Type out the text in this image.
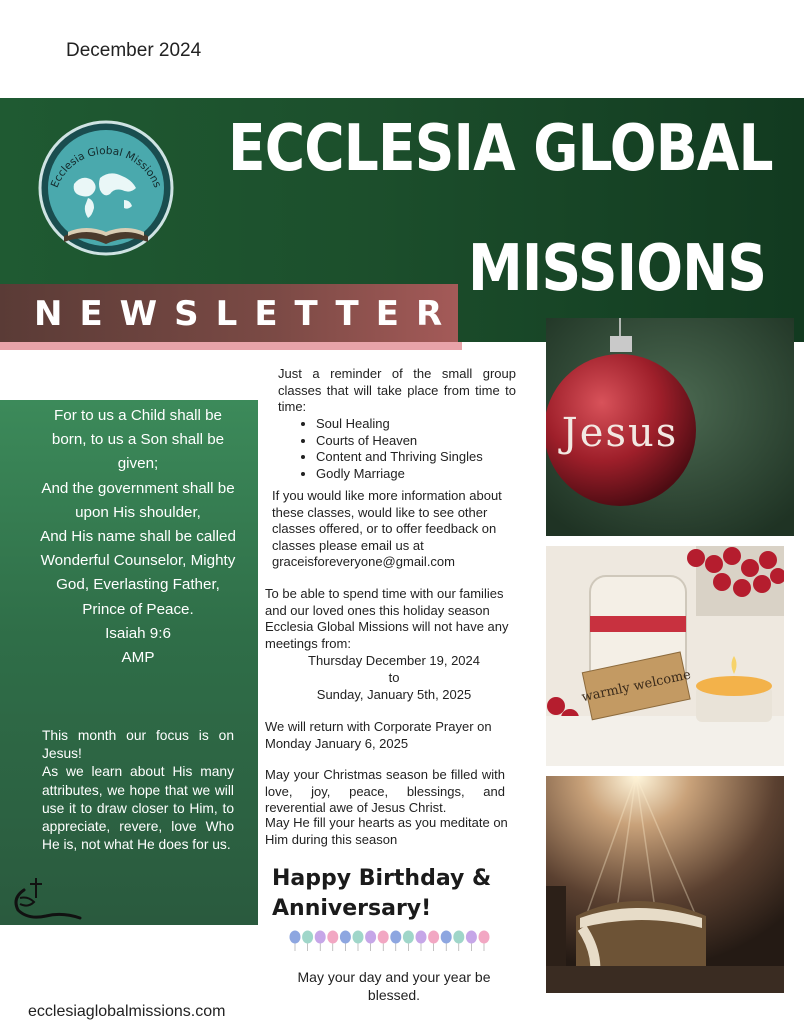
December 2024
ECCLESIA GLOBAL
MISSIONS
Ecclesia Global Missions
NEWSLETTER
For to us a Child shall be born, to us a Son shall be given;
And the government shall be upon His shoulder,
And His name shall be called Wonderful Counselor, Mighty God, Everlasting Father, Prince of Peace.
Isaiah 9:6
AMP
This month our focus is on Jesus!
As we learn about His many attributes, we hope that we will use it to draw closer to Him, to appreciate, revere, love Who He is, not what He does for us.
Just a reminder of the small group classes that will take place from time to time:
• Soul Healing
• Courts of Heaven
• Content and Thriving Singles
• Godly Marriage
If you would like more information about these classes, would like to see other classes offered, or to offer feedback on classes please email us at graceisforeveryone@gmail.com
To be able to spend time with our families and our loved ones this holiday season Ecclesia Global Missions will not have any meetings from:
Thursday December 19, 2024
to
Sunday, January 5th, 2025
We will return with Corporate Prayer on Monday January 6, 2025
May your Christmas season be filled with love, joy, peace, blessings, and reverential awe of Jesus Christ.
May He fill your hearts as you meditate on Him during this season
Happy Birthday & Anniversary!
May your day and your year be blessed.
ecclesiaglobalmissions.com
Jesus
warmly welcome
